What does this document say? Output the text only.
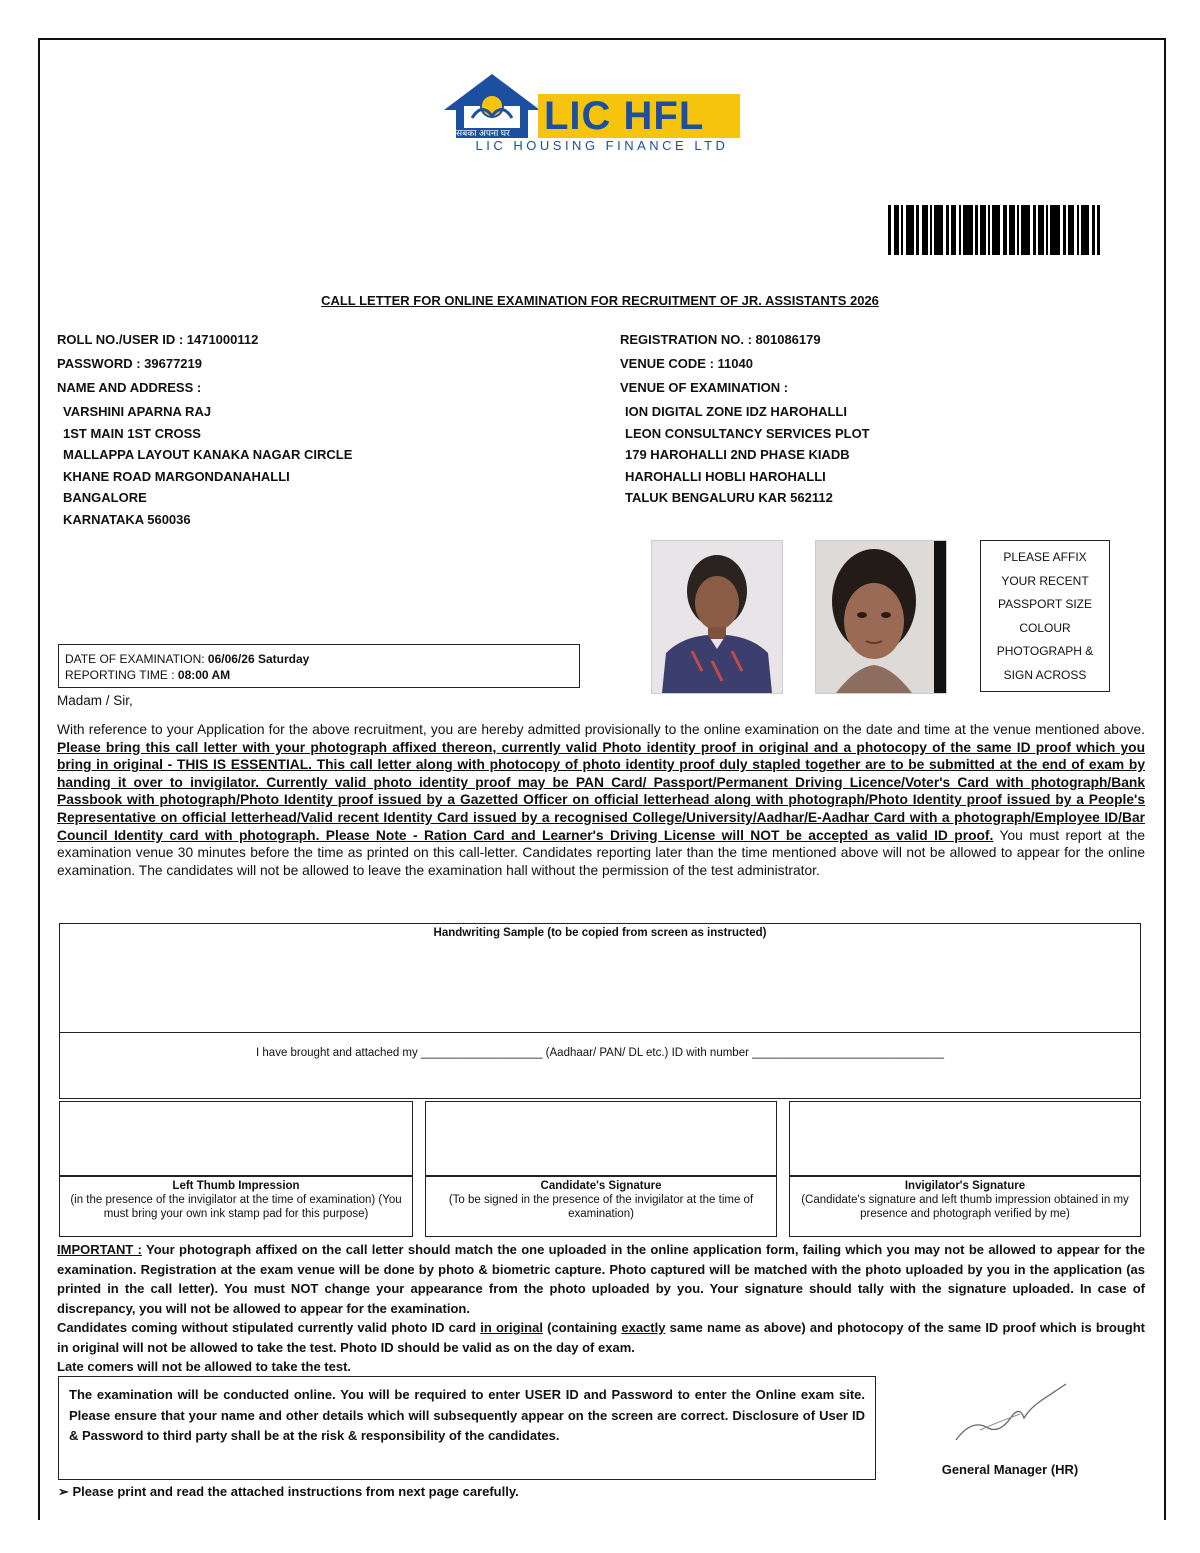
सबका अपना घर LIC HFL
LIC HOUSING FINANCE LTD
CALL LETTER FOR ONLINE EXAMINATION FOR RECRUITMENT OF JR. ASSISTANTS 2026
ROLL NO./USER ID : 1471000112
PASSWORD : 39677219
NAME AND ADDRESS :
VARSHINI APARNA RAJ
1ST MAIN 1ST CROSS
MALLAPPA LAYOUT KANAKA NAGAR CIRCLE
KHANE ROAD MARGONDANAHALLI
BANGALORE
KARNATAKA 560036
REGISTRATION NO. : 801086179
VENUE CODE : 11040
VENUE OF EXAMINATION :
ION DIGITAL ZONE IDZ HAROHALLI
LEON CONSULTANCY SERVICES PLOT
179 HAROHALLI 2ND PHASE KIADB
HAROHALLI HOBLI HAROHALLI
TALUK BENGALURU KAR 562112
DATE OF EXAMINATION: 06/06/26 Saturday
REPORTING TIME : 08:00 AM
PLEASE AFFIX
YOUR RECENT
PASSPORT SIZE
COLOUR
PHOTOGRAPH &
SIGN ACROSS
Madam / Sir,
With reference to your Application for the above recruitment, you are hereby admitted provisionally to the online examination on the date and time at the venue mentioned above. Please bring this call letter with your photograph affixed thereon, currently valid Photo identity proof in original and a photocopy of the same ID proof which you bring in original - THIS IS ESSENTIAL. This call letter along with photocopy of photo identity proof duly stapled together are to be submitted at the end of exam by handing it over to invigilator. Currently valid photo identity proof may be PAN Card/ Passport/Permanent Driving Licence/Voter's Card with photograph/Bank Passbook with photograph/Photo Identity proof issued by a Gazetted Officer on official letterhead along with photograph/Photo Identity proof issued by a People's Representative on official letterhead/Valid recent Identity Card issued by a recognised College/University/Aadhar/E-Aadhar Card with a photograph/Employee ID/Bar Council Identity card with photograph. Please Note - Ration Card and Learner's Driving License will NOT be accepted as valid ID proof. You must report at the examination venue 30 minutes before the time as printed on this call-letter. Candidates reporting later than the time mentioned above will not be allowed to appear for the online examination. The candidates will not be allowed to leave the examination hall without the permission of the test administrator.
Handwriting Sample (to be copied from screen as instructed)
I have brought and attached my ___________________ (Aadhaar/ PAN/ DL etc.) ID with number ______________________________
Left Thumb Impression
(in the presence of the invigilator at the time of examination) (You must bring your own ink stamp pad for this purpose)
Candidate's Signature
(To be signed in the presence of the invigilator at the time of examination)
Invigilator's Signature
(Candidate's signature and left thumb impression obtained in my presence and photograph verified by me)
IMPORTANT : Your photograph affixed on the call letter should match the one uploaded in the online application form, failing which you may not be allowed to appear for the examination. Registration at the exam venue will be done by photo & biometric capture. Photo captured will be matched with the photo uploaded by you in the application (as printed in the call letter). You must NOT change your appearance from the photo uploaded by you. Your signature should tally with the signature uploaded. In case of discrepancy, you will not be allowed to appear for the examination.
Candidates coming without stipulated currently valid photo ID card in original (containing exactly same name as above) and photocopy of the same ID proof which is brought in original will not be allowed to take the test. Photo ID should be valid as on the day of exam.
Late comers will not be allowed to take the test.
The examination will be conducted online. You will be required to enter USER ID and Password to enter the Online exam site. Please ensure that your name and other details which will subsequently appear on the screen are correct. Disclosure of User ID & Password to third party shall be at the risk & responsibility of the candidates.
General Manager (HR)
➢ Please print and read the attached instructions from next page carefully.
